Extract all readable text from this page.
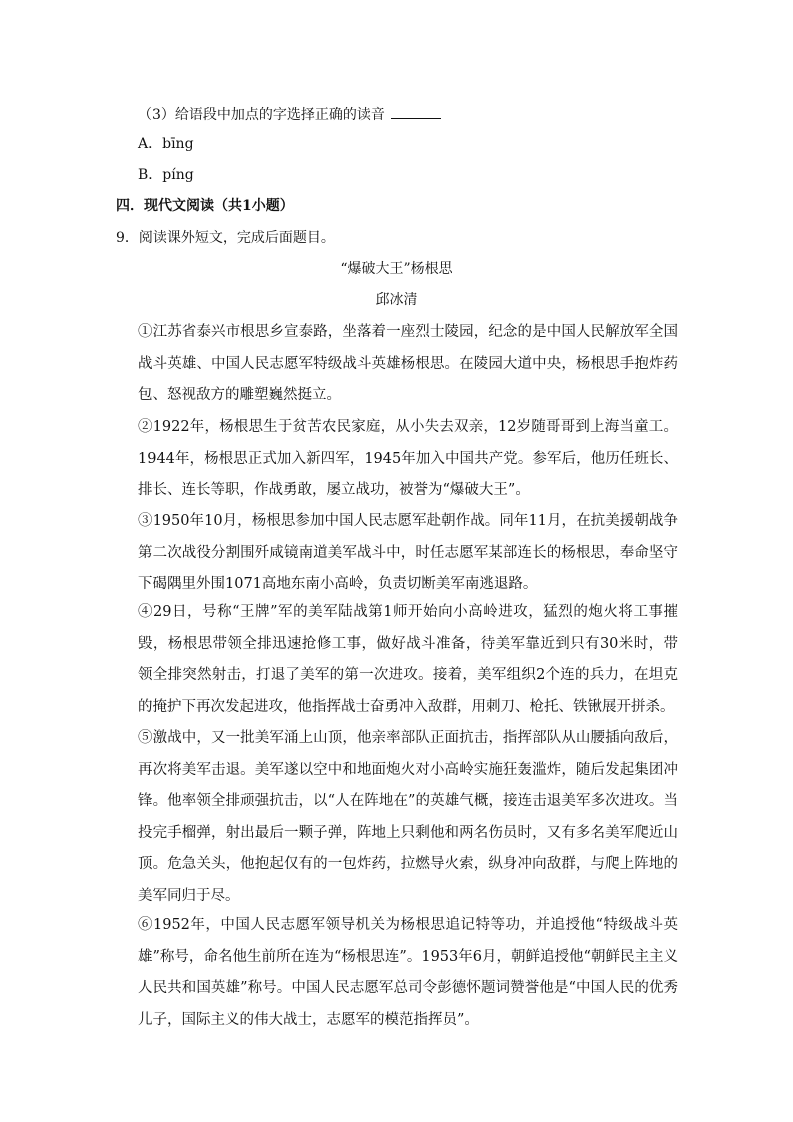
（3）给语段中加点的字选择正确的读音
A．bīng
B．píng
四．现代文阅读（共1小题）
9．阅读课外短文，完成后面题目。
“爆破大王”杨根思
邱冰清
①江苏省泰兴市根思乡宣泰路，坐落着一座烈士陵园，纪念的是中国人民解放军全国战斗英雄、中国人民志愿军特级战斗英雄杨根思。在陵园大道中央，杨根思手抱炸药包、怒视敌方的雕塑巍然挺立。
②1922年，杨根思生于贫苦农民家庭，从小失去双亲，12岁随哥哥到上海当童工。1944年，杨根思正式加入新四军，1945年加入中国共产党。参军后，他历任班长、排长、连长等职，作战勇敢，屡立战功，被誉为“爆破大王”。
③1950年10月，杨根思参加中国人民志愿军赴朝作战。同年11月，在抗美援朝战争第二次战役分割围歼咸镜南道美军战斗中，时任志愿军某部连长的杨根思，奉命坚守下碣隅里外围1071高地东南小高岭，负责切断美军南逃退路。
④29日，号称“王牌”军的美军陆战第1师开始向小高岭进攻，猛烈的炮火将工事摧毁，杨根思带领全排迅速抢修工事，做好战斗准备，待美军靠近到只有30米时，带领全排突然射击，打退了美军的第一次进攻。接着，美军组织2个连的兵力，在坦克的掩护下再次发起进攻，他指挥战士奋勇冲入敌群，用刺刀、枪托、铁锹展开拼杀。
⑤激战中，又一批美军涌上山顶，他亲率部队正面抗击，指挥部队从山腰插向敌后，再次将美军击退。美军遂以空中和地面炮火对小高岭实施狂轰滥炸，随后发起集团冲锋。他率领全排顽强抗击，以“人在阵地在”的英雄气概，接连击退美军多次进攻。当投完手榴弹，射出最后一颗子弹，阵地上只剩他和两名伤员时，又有多名美军爬近山顶。危急关头，他抱起仅有的一包炸药，拉燃导火索，纵身冲向敌群，与爬上阵地的美军同归于尽。
⑥1952年，中国人民志愿军领导机关为杨根思追记特等功，并追授他“特级战斗英雄”称号，命名他生前所在连为“杨根思连”。1953年6月，朝鲜追授他“朝鲜民主主义人民共和国英雄”称号。中国人民志愿军总司令彭德怀题词赞誉他是“中国人民的优秀儿子，国际主义的伟大战士，志愿军的模范指挥员”。
